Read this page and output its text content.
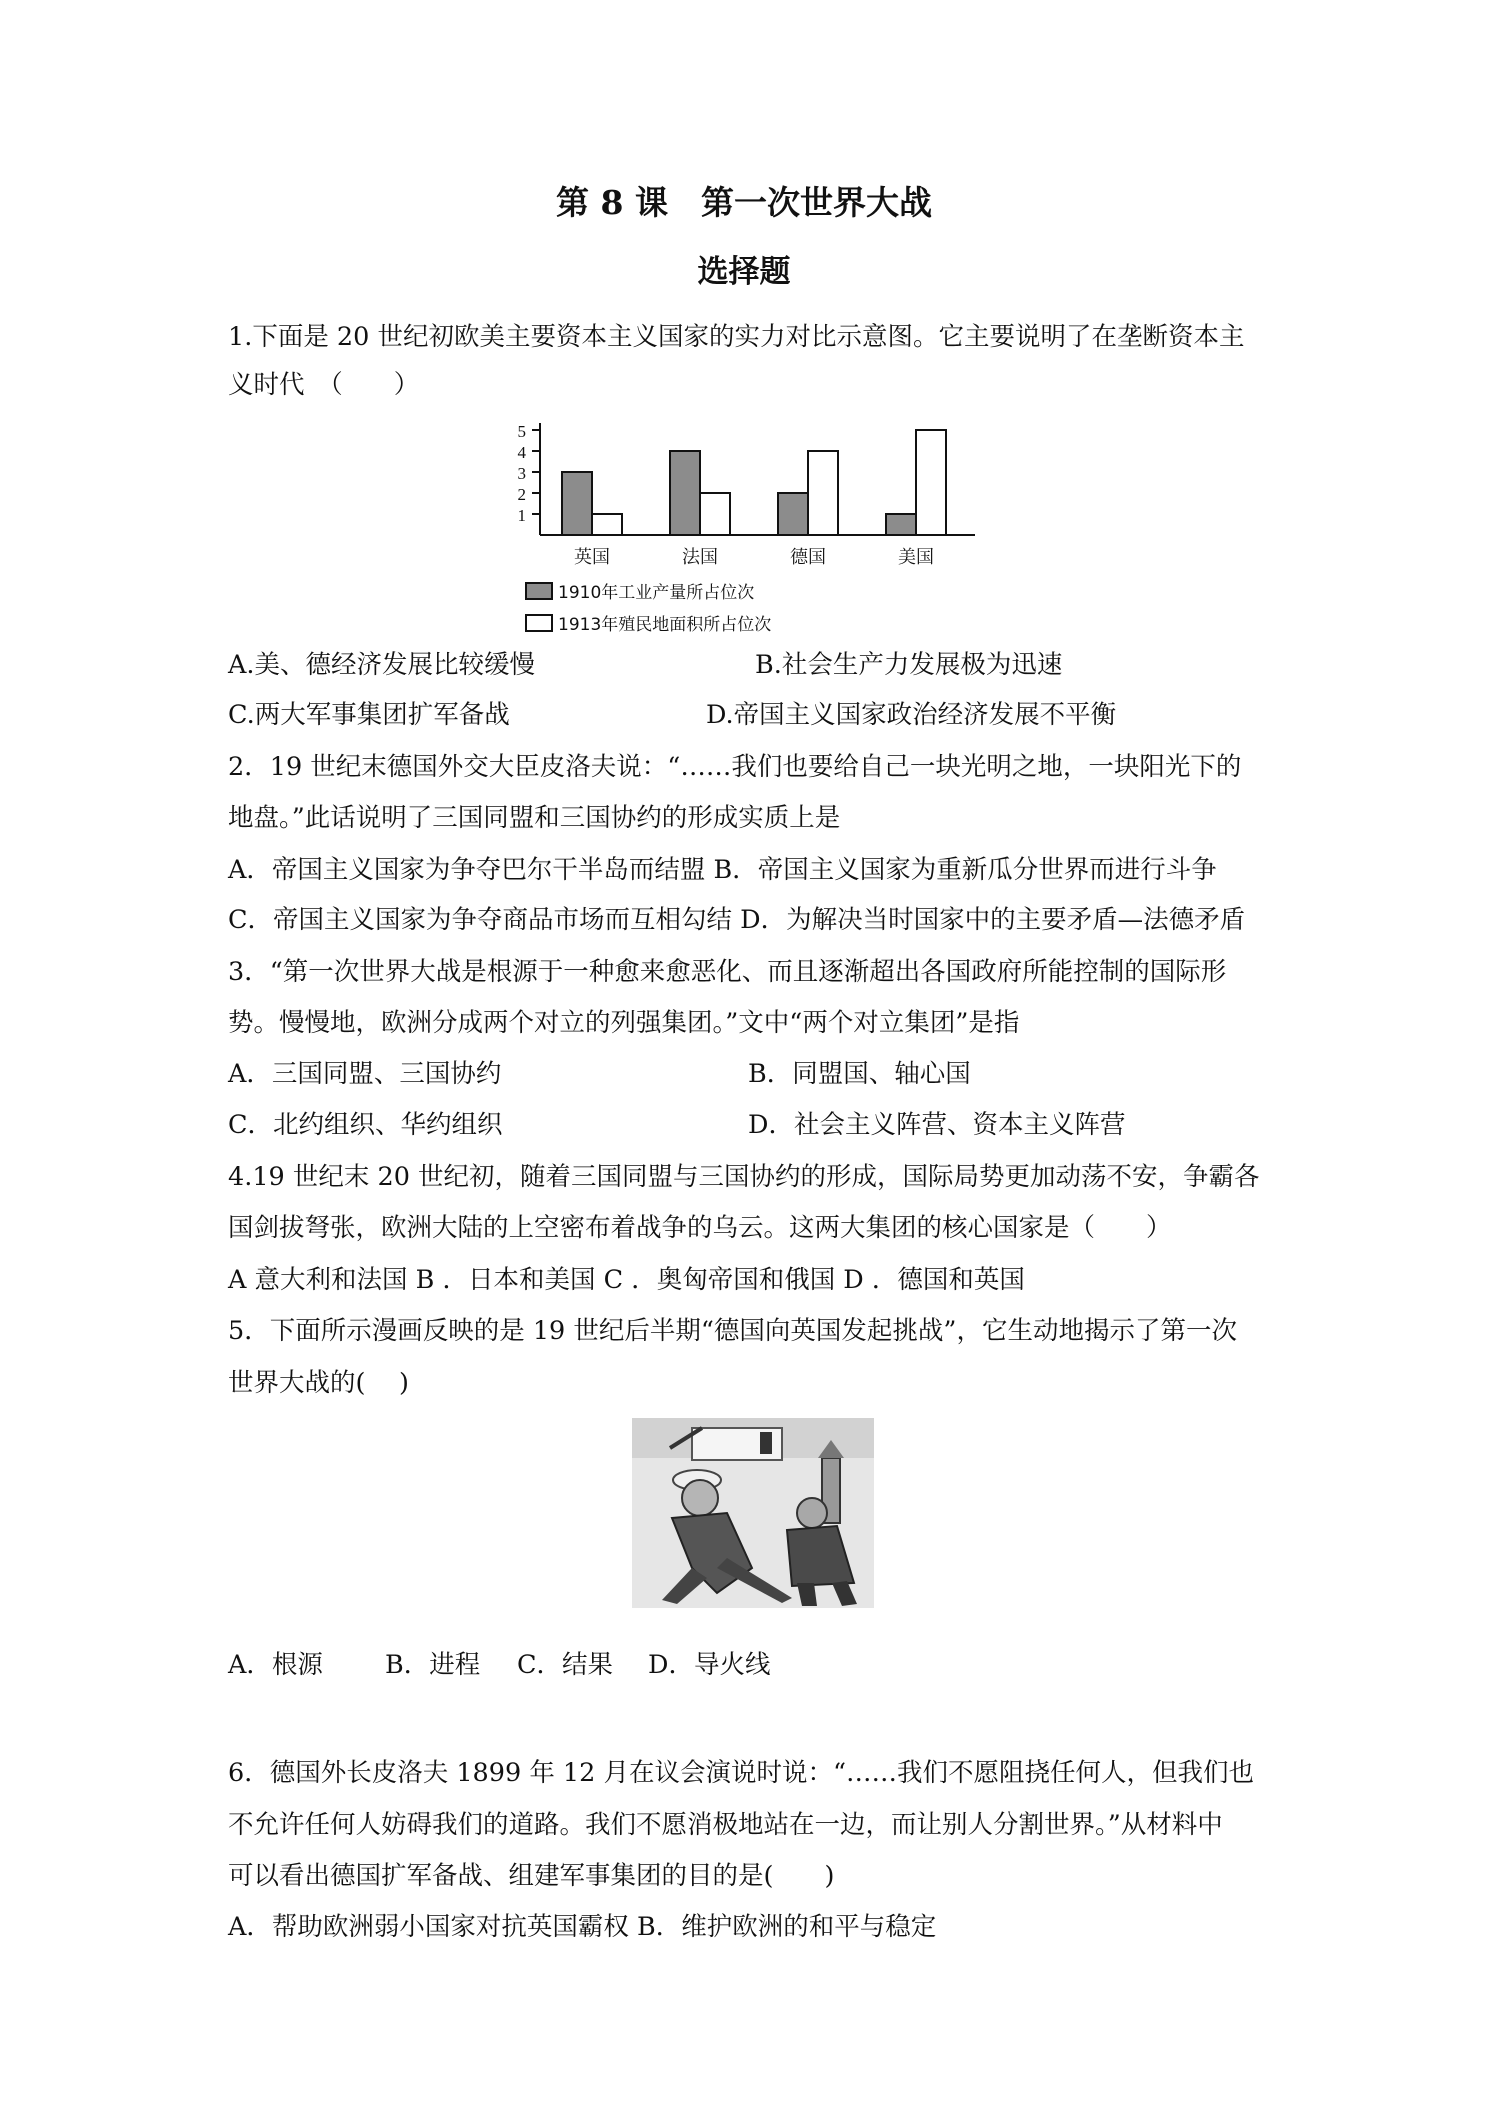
第 8 课　第一次世界大战
选择题
1.下面是 20 世纪初欧美主要资本主义国家的实力对比示意图。它主要说明了在垄断资本主
义时代　（　　）
1
2
3
4
5
英国	法国	德国	美国
1910年工业产量所占位次
1913年殖民地面积所占位次
A.美、德经济发展比较缓慢	B.社会生产力发展极为迅速
C.两大军事集团扩军备战	D.帝国主义国家政治经济发展不平衡
2．19 世纪末德国外交大臣皮洛夫说：“……我们也要给自己一块光明之地，一块阳光下的
地盘。”此话说明了三国同盟和三国协约的形成实质上是
A．帝国主义国家为争夺巴尔干半岛而结盟 B．帝国主义国家为重新瓜分世界而进行斗争
C．帝国主义国家为争夺商品市场而互相勾结 D．为解决当时国家中的主要矛盾—法德矛盾
3．“第一次世界大战是根源于一种愈来愈恶化、而且逐渐超出各国政府所能控制的国际形
势。慢慢地，欧洲分成两个对立的列强集团。”文中“两个对立集团”是指
A．三国同盟、三国协约	B．同盟国、轴心国
C．北约组织、华约组织	D．社会主义阵营、资本主义阵营
4.19 世纪末 20 世纪初，随着三国同盟与三国协约的形成，国际局势更加动荡不安，争霸各
国剑拔弩张，欧洲大陆的上空密布着战争的乌云。这两大集团的核心国家是（　　）
A 意大利和法国 B ．日本和美国 C ．奥匈帝国和俄国 D ．德国和英国
5．下面所示漫画反映的是 19 世纪后半期“德国向英国发起挑战”，它生动地揭示了第一次
世界大战的(　 )
A．根源 B．进程 C．结果 D．导火线
6．德国外长皮洛夫 1899 年 12 月在议会演说时说：“……我们不愿阻挠任何人，但我们也
不允许任何人妨碍我们的道路。我们不愿消极地站在一边，而让别人分割世界。”从材料中
可以看出德国扩军备战、组建军事集团的目的是(　　)
A．帮助欧洲弱小国家对抗英国霸权 B．维护欧洲的和平与稳定
